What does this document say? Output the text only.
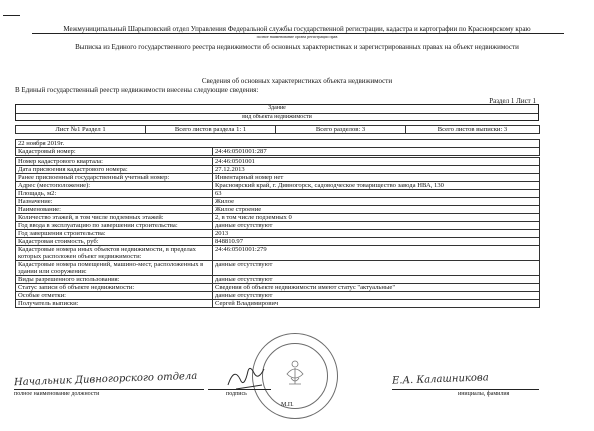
Межмуниципальный Шарыповский отдел Управления Федеральной службы государственной регистрации, кадастра и картографии по Красноярскому краю
полное наименование органа регистрации прав
Выписка из Единого государственного реестра недвижимости об основных характеристиках и зарегистрированных правах на объект недвижимости
Сведения об основных характеристиках объекта недвижимости
В Единый государственный реестр недвижимости внесены следующие сведения:
Раздел 1 Лист 1
Здание
вид объекта недвижимости
Лист №1 Раздел 1	Всего листов раздела 1: 1	Всего разделов: 3	Всего листов выписки: 3
22 ноября 2019г.
Кадастровый номер:	24:46:0501001:287
Номер кадастрового квартала:	24:46:0501001
Дата присвоения кадастрового номера:	27.12.2013
Ранее присвоенный государственный учетный номер:	Инвентарный номер нет
Адрес (местоположение):	Красноярский край, г. Дивногорск, садоводческое товарищество завода НВА, 130
Площадь, м2:	63
Назначение:	Жилое
Наименование:	Жилое строение
Количество этажей, в том числе подземных этажей:	2, в том числе подземных 0
Год ввода в эксплуатацию по завершении строительства:	данные отсутствуют
Год завершения строительства:	2013
Кадастровая стоимость, руб:	848810.97
Кадастровые номера иных объектов недвижимости, в пределах которых расположен объект недвижимости:	24:46:0501001:279
Кадастровые номера помещений, машино-мест, расположенных в здании или сооружении:	данные отсутствуют
Виды разрешенного использования:	данные отсутствуют
Статус записи об объекте недвижимости:	Сведения об объекте недвижимости имеют статус "актуальные"
Особые отметки:	данные отсутствуют
Получатель выписки:	Сергей Владимирович
Начальник Дивногорского отдела
полное наименование должности	подпись
М.П.
Е.А. Калашникова
инициалы, фамилия
